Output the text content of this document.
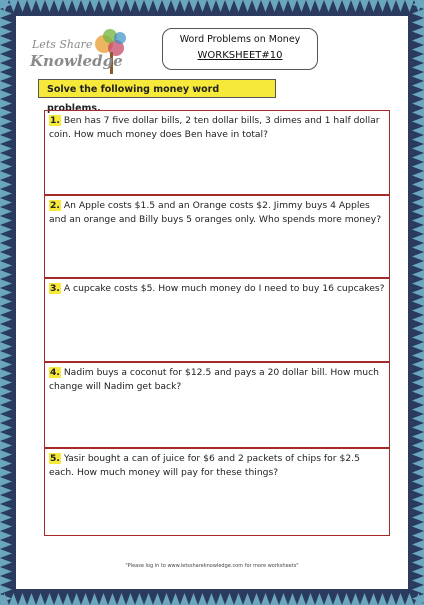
Lets Share
Knowledge
Word Problems on Money
WORKSHEET#10
Solve the following money word problems.
1. Ben has 7 five dollar bills, 2 ten dollar bills, 3 dimes and 1 half dollar coin. How much money does Ben have in total?
2. An Apple costs $1.5 and an Orange costs $2. Jimmy buys 4 Apples and an orange and Billy buys 5 oranges only. Who spends more money?
3. A cupcake costs $5. How much money do I need to buy 16 cupcakes?
4. Nadim buys a coconut for $12.5 and pays a 20 dollar bill. How much change will Nadim get back?
5. Yasir bought a can of juice for $6 and 2 packets of chips for $2.5 each. How much money will pay for these things?
"Please log in to www.letsshareknowledge.com for more worksheets"
